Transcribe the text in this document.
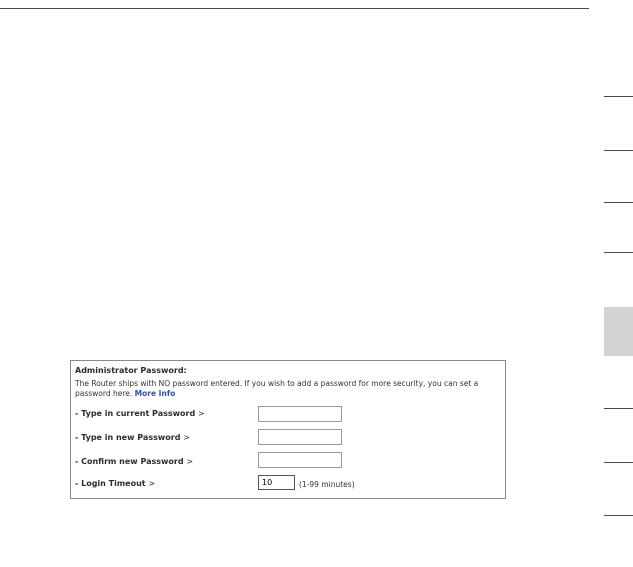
Administrator Password:
The Router ships with NO password entered. If you wish to add a password for more security, you can set a password here. More Info
- Type in current Password >
- Type in new Password >
- Confirm new Password >
- Login Timeout >
10	(1-99 minutes)
